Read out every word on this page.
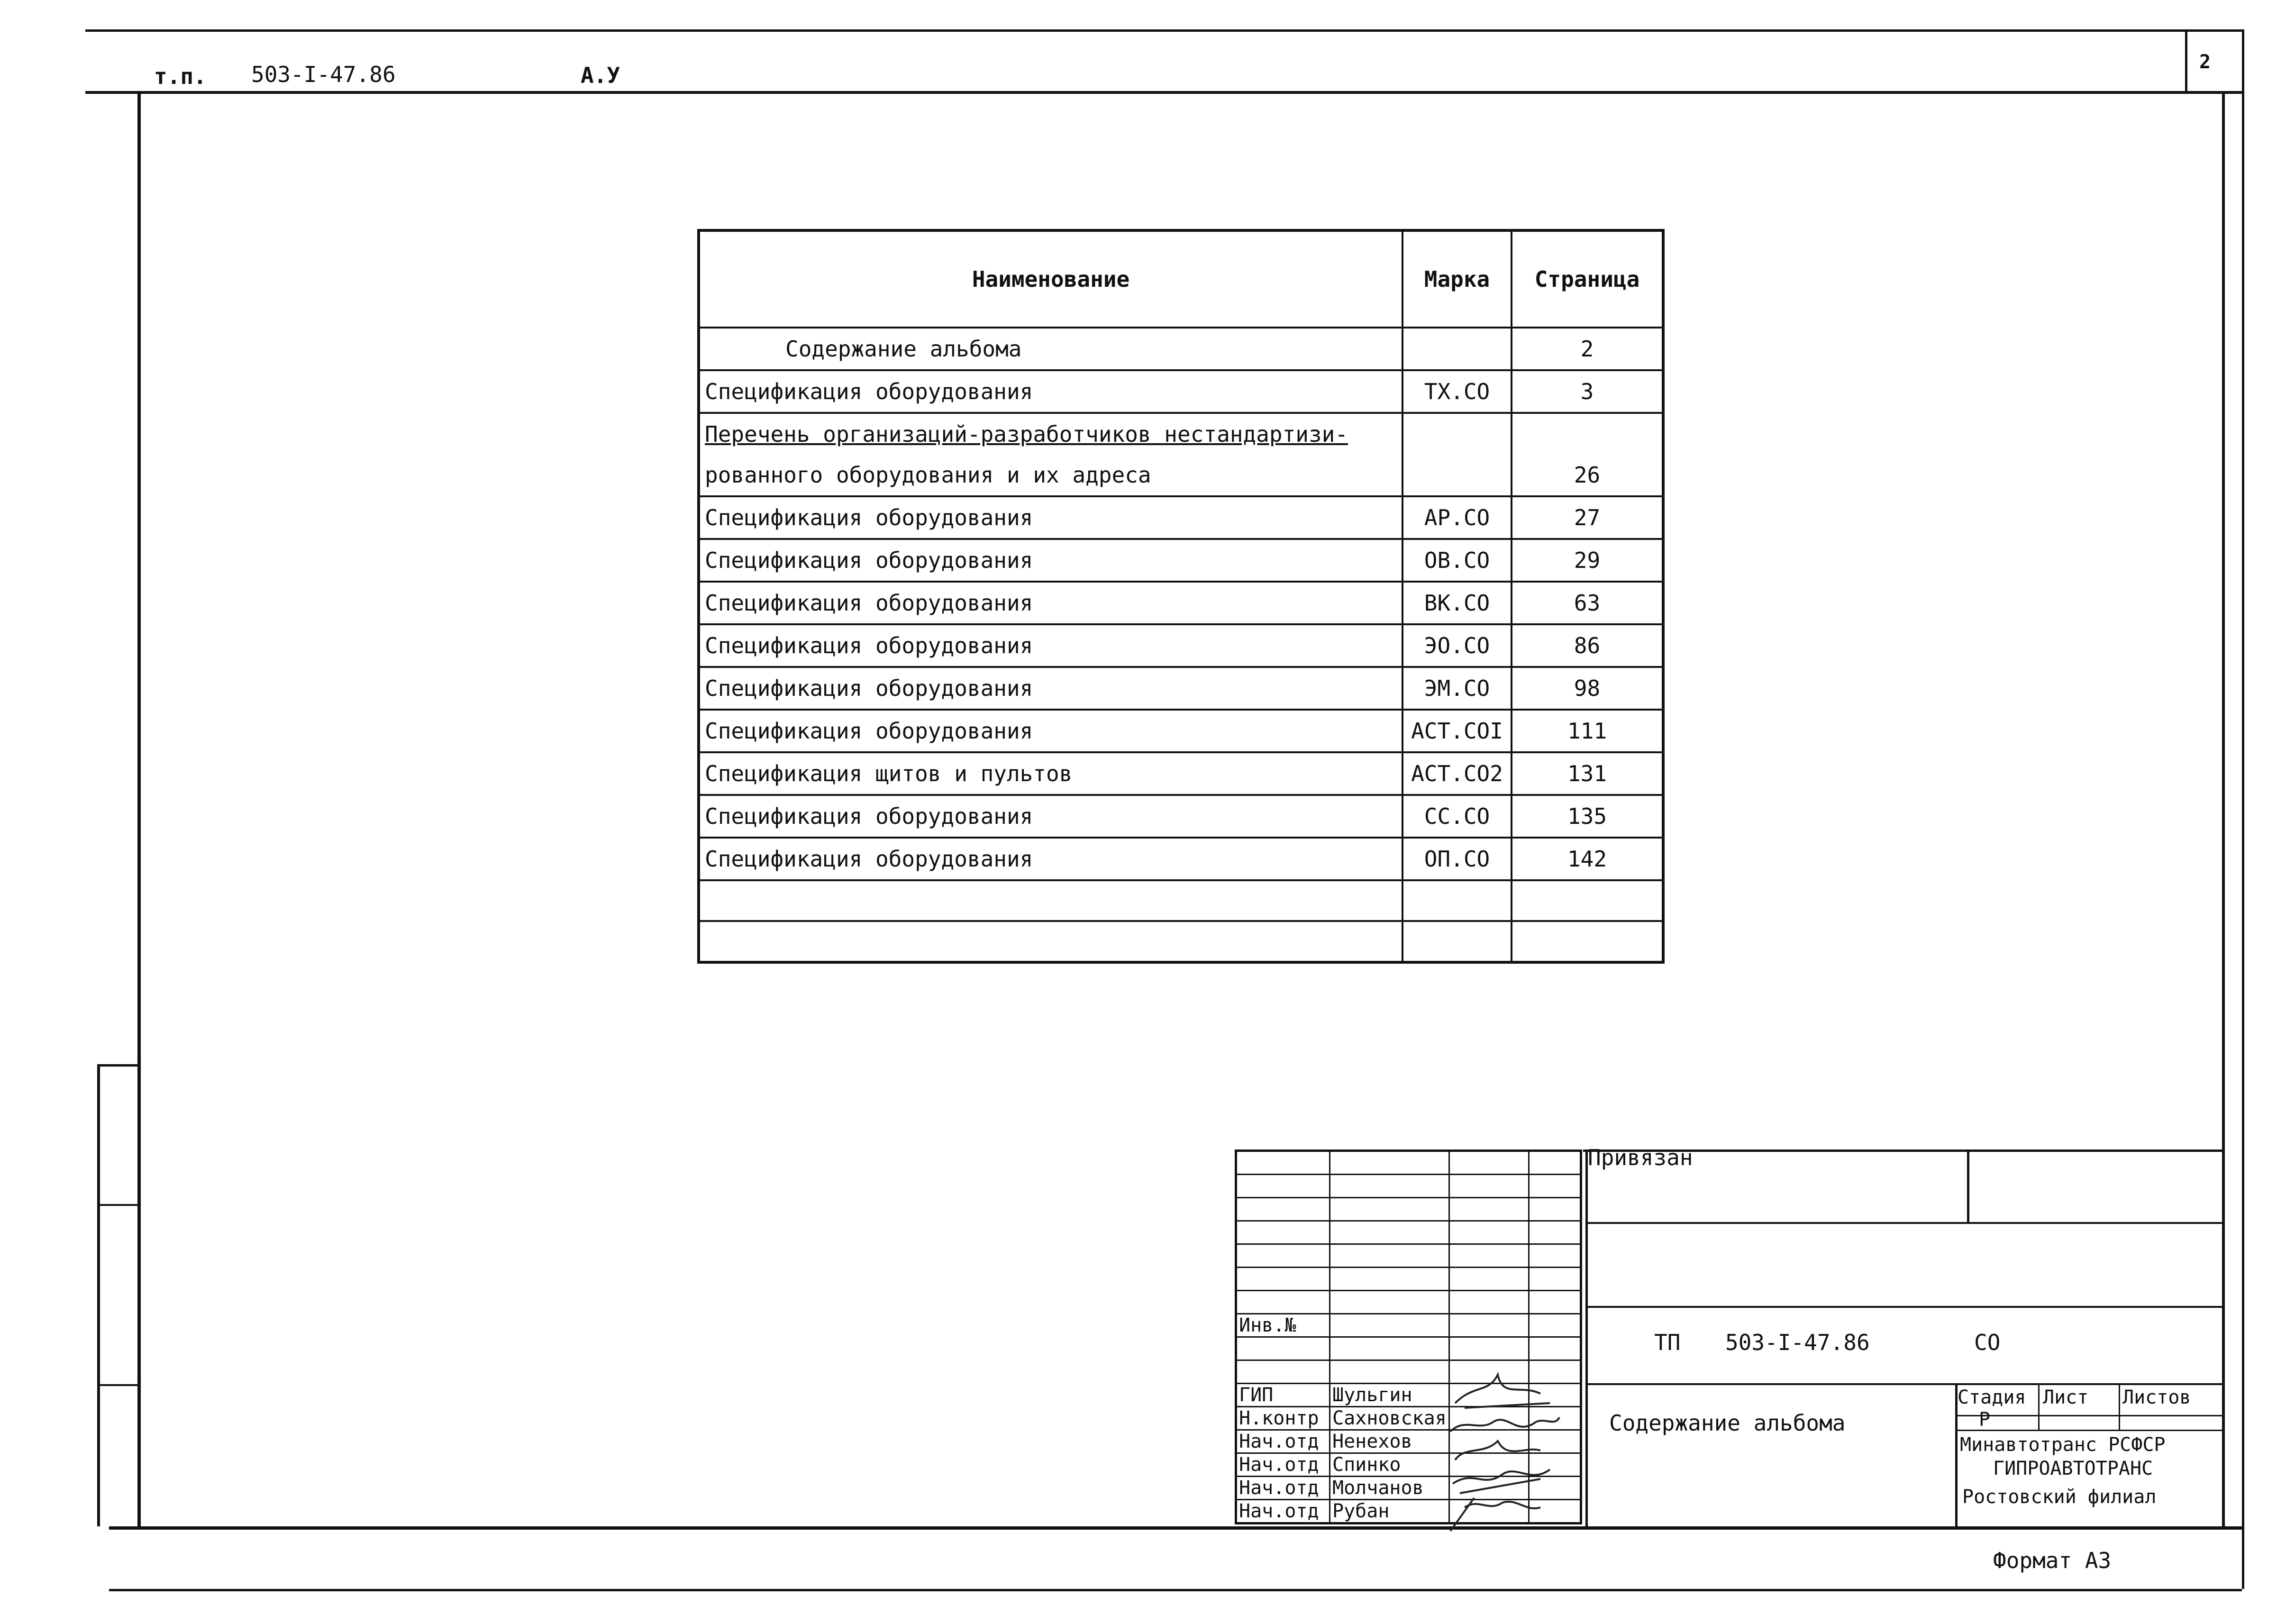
т.п. 503-I-47.86	А.У
2
Наименование	Марка	Страница
Содержание альбома		2
Спецификация оборудования	ТХ.СО	3
Перечень организаций-разработчиков нестандартизи-		
рованного оборудования и их адреса		26
Спецификация оборудования	АР.СО	27
Спецификация оборудования	ОВ.СО	29
Спецификация оборудования	ВК.СО	63
Спецификация оборудования	ЭО.СО	86
Спецификация оборудования	ЭМ.СО	98
Спецификация оборудования	АСТ.СОI	111
Спецификация щитов и пультов	АСТ.СО2	131
Спецификация оборудования	СС.СО	135
Спецификация оборудования	ОП.СО	142

Инв.№			

ГИП	Шульгин		
Н.контр	Сахновская		
Нач.отд	Ненехов		
Нач.отд	Спинко		
Нач.отд	Молчанов		
Нач.отд	Рубан		
Привязан
ТП 503-I-47.86	СО
Содержание альбома
Стадия Лист Листов
Р
Минавтотранс РСФСР
ГИПРОАВТОТРАНС
Ростовский филиал
Формат А3
